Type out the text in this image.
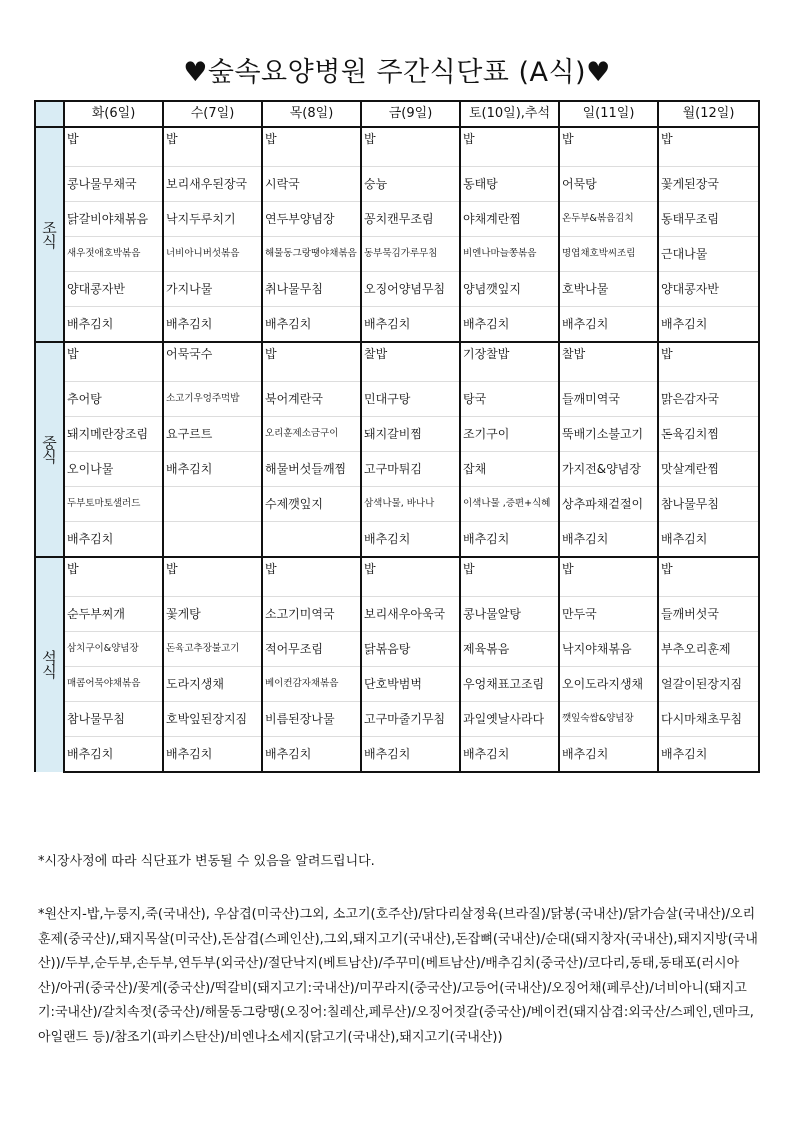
♥숲속요양병원 주간식단표 (A식)♥
	화(6일)	수(7일)	목(8일)	금(9일)	토(10일),추석	일(11일)	월(12일)
조
식	밥	밥	밥	밥	밥	밥	밥
	콩나물무채국	보리새우된장국	시락국	숭늉	동태탕	어묵탕	꽃게된장국
	닭갈비야채볶음	낙지두루치기	연두부양념장	꽁치캔무조림	야채계란찜	온두부&볶음김치	동태무조림
	새우젓애호박볶음	너비아니버섯볶음	해물동그랑땡야채볶음	동부묵김가루무침	비엔나마늘쫑볶음	명엽채호박씨조림	근대나물
	양대콩자반	가지나물	취나물무침	오징어양념무침	양념깻잎지	호박나물	양대콩자반
	배추김치	배추김치	배추김치	배추김치	배추김치	배추김치	배추김치
중
식	밥	어묵국수	밥	찰밥	기장찰밥	찰밥	밥
	추어탕	소고기우엉주먹밥	북어계란국	민대구탕	탕국	들깨미역국	맑은감자국
	돼지메란장조림	요구르트	오리훈제소금구이	돼지갈비찜	조기구이	뚝배기소불고기	돈육김치찜
	오이나물	배추김치	해물버섯들깨찜	고구마튀김	잡채	가지전&양념장	맛살계란찜
	두부토마토샐러드		수제깻잎지	삼색나물, 바나나	이색나물 ,증편+식혜	상추파채겉절이	참나물무침
	배추김치			배추김치	배추김치	배추김치	배추김치
석
식	밥	밥	밥	밥	밥	밥	밥
	순두부찌개	꽃게탕	소고기미역국	보리새우아욱국	콩나물알탕	만두국	들깨버섯국
	삼치구이&양념장	돈육고추장불고기	적어무조림	닭볶음탕	제육볶음	낙지야채볶음	부추오리훈제
	매콤어묵야채볶음	도라지생채	베이컨감자채볶음	단호박범벅	우엉채표고조림	오이도라지생채	얼갈이된장지짐
	참나물무침	호박잎된장지짐	비름된장나물	고구마줄기무침	과일옛날사라다	깻잎숙쌈&양념장	다시마채초무침
	배추김치	배추김치	배추김치	배추김치	배추김치	배추김치	배추김치
*시장사정에 따라 식단표가 변동될 수 있음을 알려드립니다.
*원산지-밥,누룽지,죽(국내산), 우삼겹(미국산)그외, 소고기(호주산)/닭다리살정육(브라질)/닭봉(국내산)/닭가슴살(국내산)/오리훈제(중국산)/,돼지목살(미국산),돈삼겹(스페인산),그외,돼지고기(국내산),돈잡뼈(국내산)/순대(돼지창자(국내산),돼지지방(국내산))/두부,순두부,손두부,연두부(외국산)/절단낙지(베트남산)/주꾸미(베트남산)/배추김치(중국산)/코다리,동태,동태포(러시아산)/아귀(중국산)/꽃게(중국산)/떡갈비(돼지고기:국내산)/미꾸라지(중국산)/고등어(국내산)/오징어채(페루산)/너비아니(돼지고기:국내산)/갈치속젓(중국산)/해물동그랑땡(오징어:칠레산,페루산)/오징어젓갈(중국산)/베이컨(돼지삼겹:외국산/스페인,덴마크,아일랜드 등)/참조기(파키스탄산)/비엔나소세지(닭고기(국내산),돼지고기(국내산))
